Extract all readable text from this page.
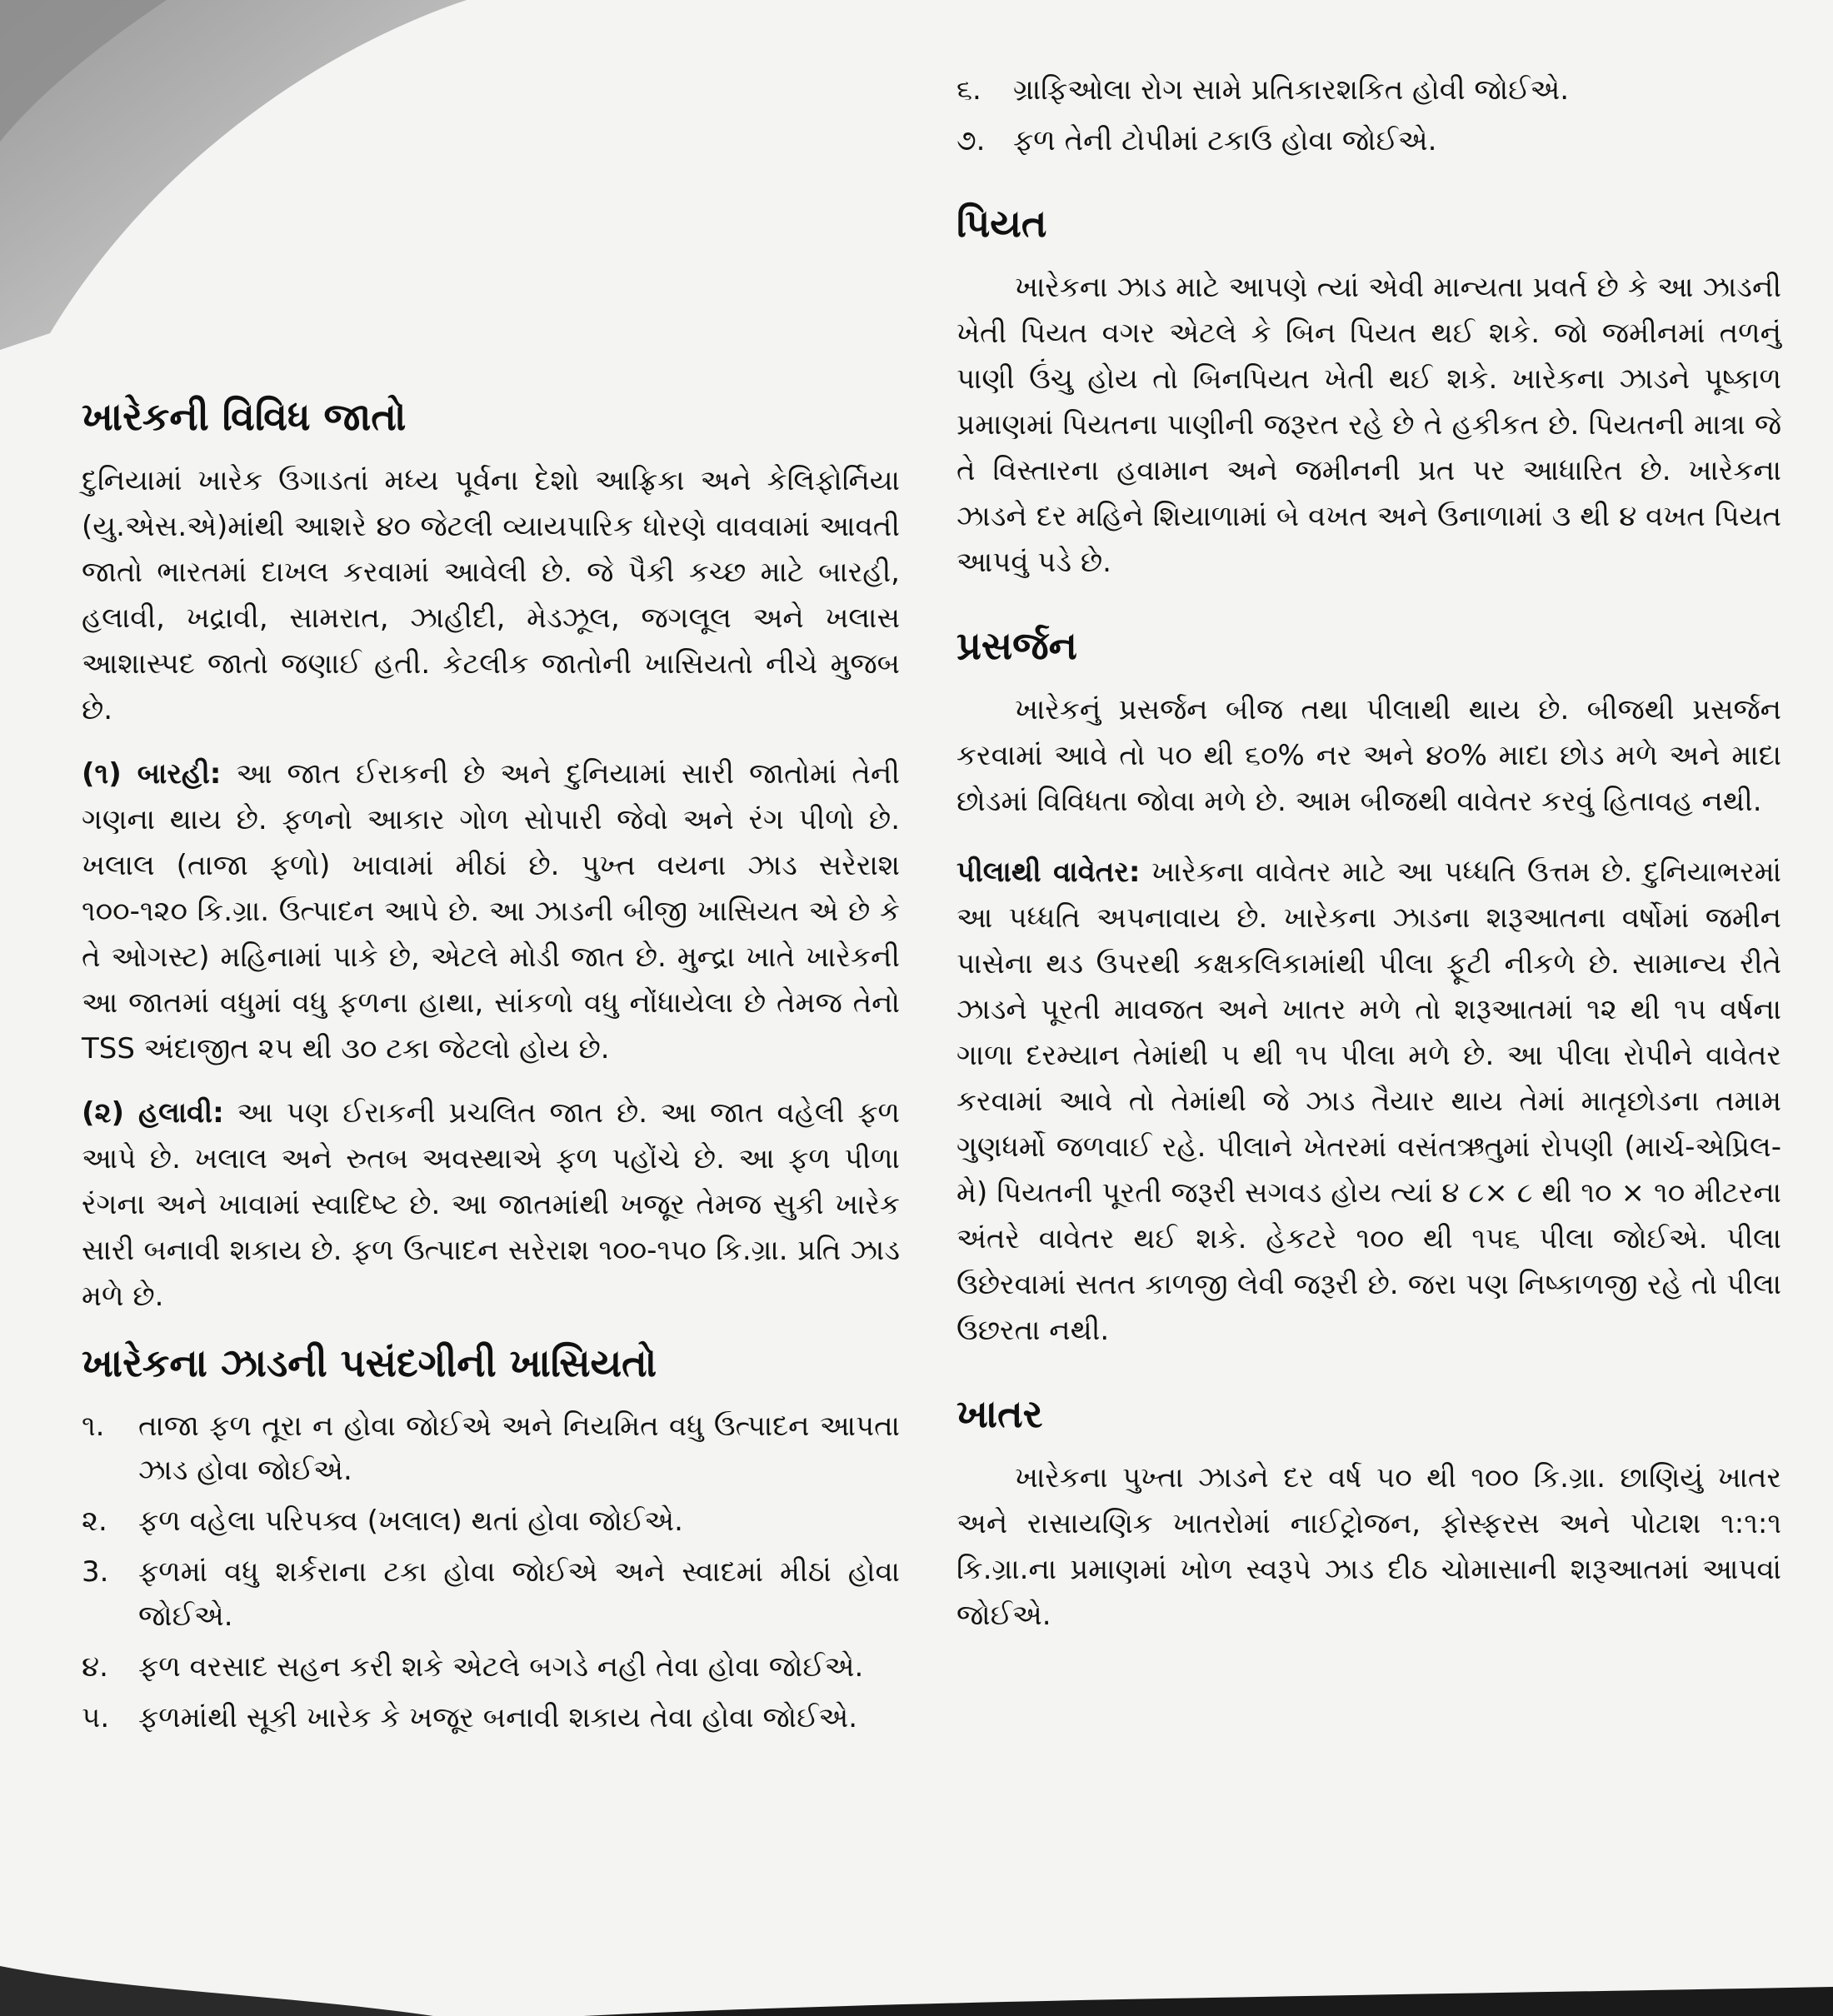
ખારેકની વિવિધ જાતો

દુનિયામાં ખારેક ઉગાડતાં મધ્ય પૂર્વના દેશો આફ્રિકા અને કેલિફોર્નિયા (યુ.એસ.એ)માંથી આશરે ૪૦ જેટલી વ્યાયપારિક ધોરણે વાવવામાં આવતી જાતો ભારતમાં દાખલ કરવામાં આવેલી છે. જે પૈકી કચ્છ માટે બારહી, હલાવી, ખદ્રાવી, સામરાત, ઝાહીદી, મેડઝૂલ, જગલૂલ અને ખલાસ આશાસ્પદ જાતો જણાઈ હતી. કેટલીક જાતોની ખાસિયતો નીચે મુજબ છે.

(૧) બારહી: આ જાત ઈરાકની છે અને દુનિયામાં સારી જાતોમાં તેની ગણના થાય છે. ફળનો આકાર ગોળ સોપારી જેવો અને રંગ પીળો છે. ખલાલ (તાજા ફળો) ખાવામાં મીઠાં છે. પુખ્ત વયના ઝાડ સરેરાશ ૧૦૦-૧૨૦ કિ.ગ્રા. ઉત્પાદન આપે છે. આ ઝાડની બીજી ખાસિયત એ છે કે તે ઓગસ્ટ) મહિનામાં પાકે છે, એટલે મોડી જાત છે. મુન્દ્રા ખાતે ખારેકની આ જાતમાં વધુમાં વધુ ફળના હાથા, સાંકળો વધુ નોંધાયેલા છે તેમજ તેનો TSS અંદાજીત ૨૫ થી ૩૦ ટકા જેટલો હોય છે.

(૨) હલાવી: આ પણ ઈરાકની પ્રચલિત જાત છે. આ જાત વહેલી ફળ આપે છે. ખલાલ અને રુતબ અવસ્થાએ ફળ પહોંચે છે. આ ફળ પીળા રંગના અને ખાવામાં સ્વાદિષ્ટ છે. આ જાતમાંથી ખજૂર તેમજ સુકી ખારેક સારી બનાવી શકાય છે. ફળ ઉત્પાદન સરેરાશ ૧૦૦-૧૫૦ કિ.ગ્રા. પ્રતિ ઝાડ મળે છે.

ખારેકના ઝાડની પસંદગીની ખાસિયતો
૧.	તાજા ફળ તૂરા ન હોવા જોઈએ અને નિયમિત વધુ ઉત્પાદન આપતા ઝાડ હોવા જોઈએ.
૨.	ફળ વહેલા પરિપક્વ (ખલાલ) થતાં હોવા જોઈએ.
3.	ફળમાં વધુ શર્કરાના ટકા હોવા જોઈએ અને સ્વાદમાં મીઠાં હોવા જોઈએ.
૪.	ફળ વરસાદ સહન કરી શકે એટલે બગડે નહી તેવા હોવા જોઈએ.
૫.	ફળમાંથી સૂકી ખારેક કે ખજૂર બનાવી શકાય તેવા હોવા જોઈએ.
૬.	ગ્રાફિઓલા રોગ સામે પ્રતિકારશકિત હોવી જોઈએ.
૭. ફળ તેની ટોપીમાં ટકાઉ હોવા જોઈએ.
પિયત

ખારેકના ઝાડ માટે આપણે ત્યાં એવી માન્યતા પ્રવર્ત છે કે આ ઝાડની ખેતી પિયત વગર એટલે કે બિન પિયત થઈ શકે. જો જમીનમાં તળનું પાણી ઉંચુ હોય તો બિનપિયત ખેતી થઈ શકે. ખારેકના ઝાડને પૂષ્કાળ પ્રમાણમાં પિયતના પાણીની જરૂરત રહે છે તે હકીકત છે. પિયતની માત્રા જે તે વિસ્તારના હવામાન અને જમીનની પ્રત પર આધારિત છે. ખારેકના ઝાડને દર મહિને શિયાળામાં બે વખત અને ઉનાળામાં ૩ થી ૪ વખત પિયત આપવું પડે છે.

પ્રસર્જન

ખારેકનું પ્રસર્જન બીજ તથા પીલાથી થાય છે. બીજથી પ્રસર્જન કરવામાં આવે તો ૫૦ થી ૬૦% નર અને ૪૦% માદા છોડ મળે અને માદા છોડમાં વિવિધતા જોવા મળે છે. આમ બીજથી વાવેતર કરવું હિતાવહ નથી.

પીલાથી વાવેતર: ખારેકના વાવેતર માટે આ પધ્ધતિ ઉત્તમ છે. દુનિયાભરમાં આ પધ્ધતિ અપનાવાય છે. ખારેકના ઝાડના શરૂઆતના વર્ષોમાં જમીન પાસેના થડ ઉપરથી કક્ષકલિકામાંથી પીલા ફૂટી નીકળે છે. સામાન્ય રીતે ઝાડને પૂરતી માવજત અને ખાતર મળે તો શરૂઆતમાં ૧૨ થી ૧૫ વર્ષના ગાળા દરમ્યાન તેમાંથી ૫ થી ૧૫ પીલા મળે છે. આ પીલા રોપીને વાવેતર કરવામાં આવે તો તેમાંથી જે ઝાડ તૈયાર થાય તેમાં માતૃછોડના તમામ ગુણધર્મો જળવાઈ રહે. પીલાને ખેતરમાં વસંતઋતુમાં રોપણી (માર્ચ-એપ્રિલ-મે) પિયતની પૂરતી જરૂરી સગવડ હોય ત્યાં ૪ ૮× ૮ થી ૧૦ × ૧૦ મીટરના અંતરે વાવેતર થઈ શકે. હેકટરે ૧૦૦ થી ૧૫૬ પીલા જોઈએ. પીલા ઉછેરવામાં સતત કાળજી લેવી જરૂરી છે. જરા પણ નિષ્કાળજી રહે તો પીલા ઉછરતા નથી.

ખાતર

ખારેકના પુખ્તા ઝાડને દર વર્ષ ૫૦ થી ૧૦૦ કિ.ગ્રા. છાણિયું ખાતર અને રાસાયણિક ખાતરોમાં નાઈટ્રોજન, ફોસ્ફરસ અને પોટાશ ૧:૧:૧ કિ.ગ્રા.ના પ્રમાણમાં ખોળ સ્વરૂપે ઝાડ દીઠ ચોમાસાની શરૂઆતમાં આપવાં જોઈએ.
